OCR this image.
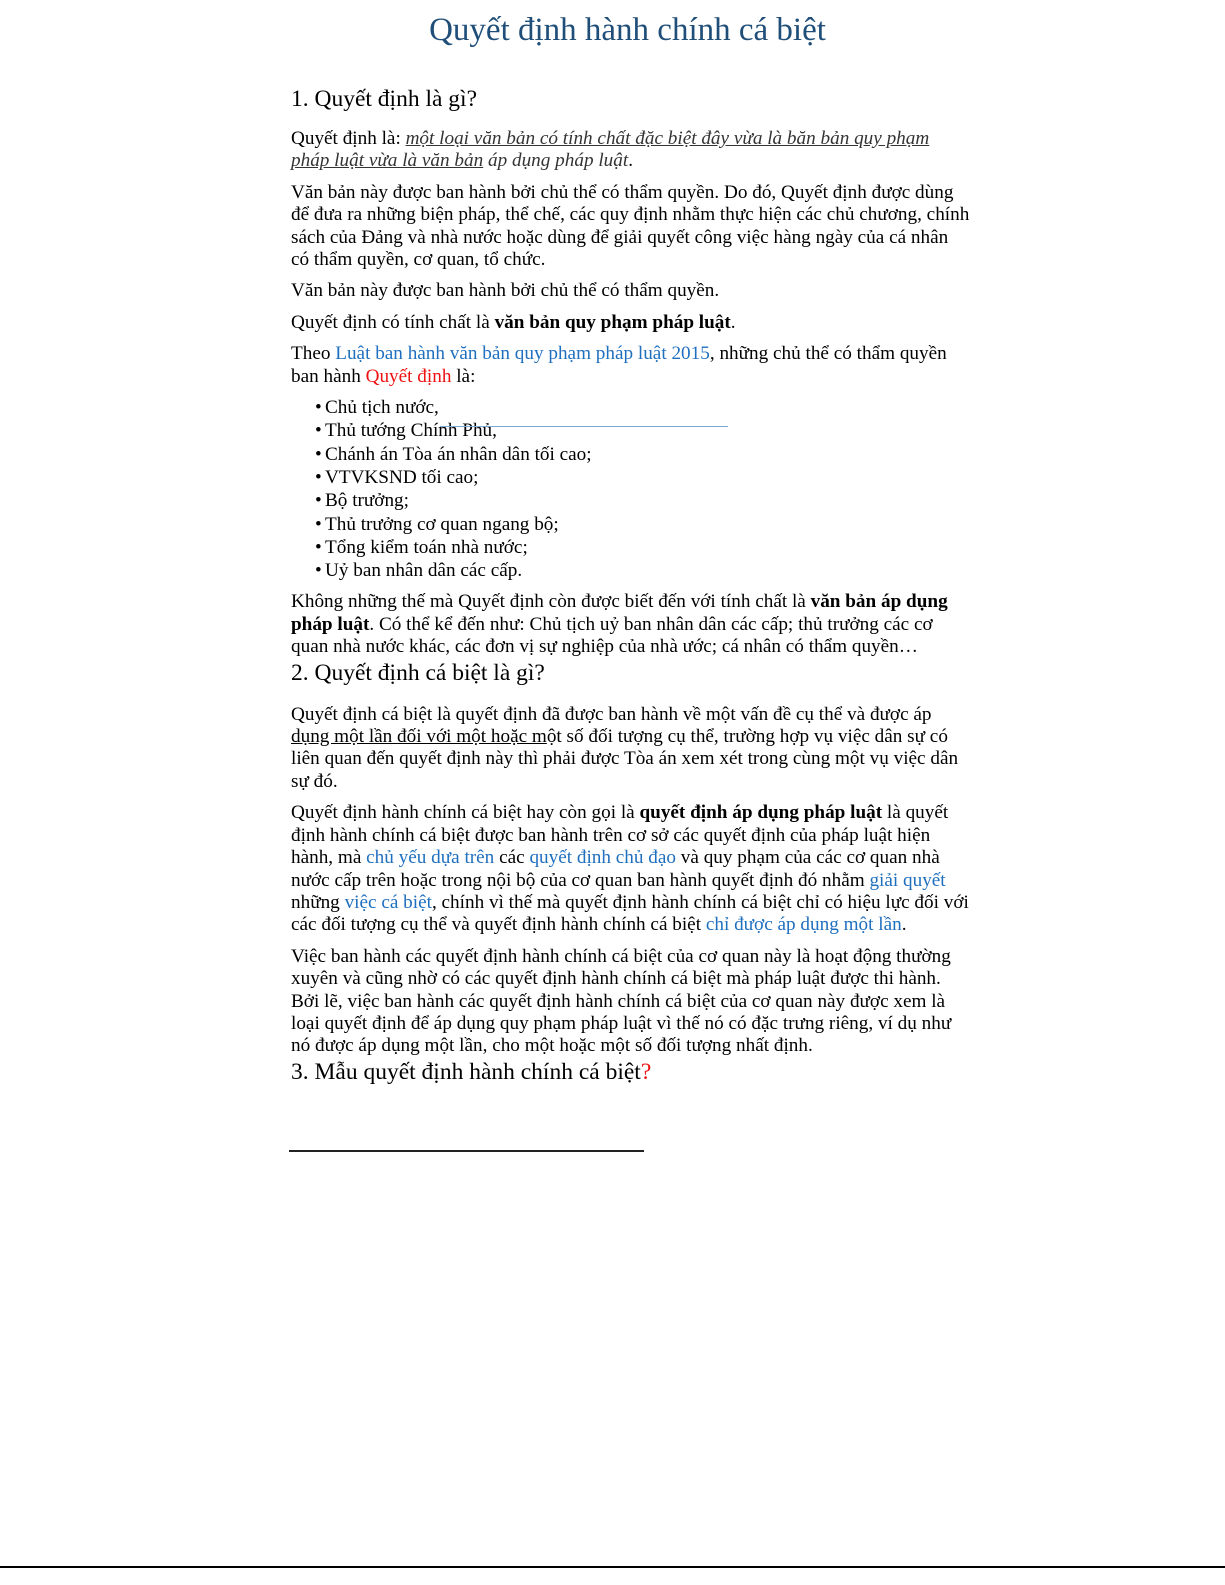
Quyết định hành chính cá biệt
1. Quyết định là gì?

Quyết định là: một loại văn bản có tính chất đặc biệt đây vừa là băn bản quy phạm pháp luật vừa là văn bản áp dụng pháp luật.

Văn bản này được ban hành bởi chủ thể có thẩm quyền. Do đó, Quyết định được dùng để đưa ra những biện pháp, thể chế, các quy định nhằm thực hiện các chủ chương, chính sách của Đảng và nhà nước hoặc dùng để giải quyết công việc hàng ngày của cá nhân có thẩm quyền, cơ quan, tổ chức.

Văn bản này được ban hành bởi chủ thể có thẩm quyền.

Quyết định có tính chất là văn bản quy phạm pháp luật.

Theo Luật ban hành văn bản quy phạm pháp luật 2015, những chủ thể có thẩm quyền ban hành Quyết định là:

• Chủ tịch nước,
• Thủ tướng Chính Phủ,
• Chánh án Tòa án nhân dân tối cao;
• VTVKSND tối cao;
• Bộ trưởng;
• Thủ trưởng cơ quan ngang bộ;
• Tổng kiểm toán nhà nước;
• Uỷ ban nhân dân các cấp.

Không những thế mà Quyết định còn được biết đến với tính chất là văn bản áp dụng pháp luật. Có thể kể đến như: Chủ tịch uỷ ban nhân dân các cấp; thủ trưởng các cơ quan nhà nước khác, các đơn vị sự nghiệp của nhà ước; cá nhân có thẩm quyền…

2. Quyết định cá biệt là gì?

Quyết định cá biệt là quyết định đã được ban hành về một vấn đề cụ thể và được áp dụng một lần đối với một hoặc một số đối tượng cụ thể, trường hợp vụ việc dân sự có liên quan đến quyết định này thì phải được Tòa án xem xét trong cùng một vụ việc dân sự đó.

Quyết định hành chính cá biệt hay còn gọi là quyết định áp dụng pháp luật là quyết định hành chính cá biệt được ban hành trên cơ sở các quyết định của pháp luật hiện hành, mà chủ yếu dựa trên các quyết định chủ đạo và quy phạm của các cơ quan nhà nước cấp trên hoặc trong nội bộ của cơ quan ban hành quyết định đó nhằm giải quyết những việc cá biệt, chính vì thế mà quyết định hành chính cá biệt chỉ có hiệu lực đối với các đối tượng cụ thể và quyết định hành chính cá biệt chỉ được áp dụng một lần.

Việc ban hành các quyết định hành chính cá biệt của cơ quan này là hoạt động thường xuyên và cũng nhờ có các quyết định hành chính cá biệt mà pháp luật được thi hành. Bởi lẽ, việc ban hành các quyết định hành chính cá biệt của cơ quan này được xem là loại quyết định để áp dụng quy phạm pháp luật vì thế nó có đặc trưng riêng, ví dụ như nó được áp dụng một lần, cho một hoặc một số đối tượng nhất định.

3. Mẫu quyết định hành chính cá biệt?
